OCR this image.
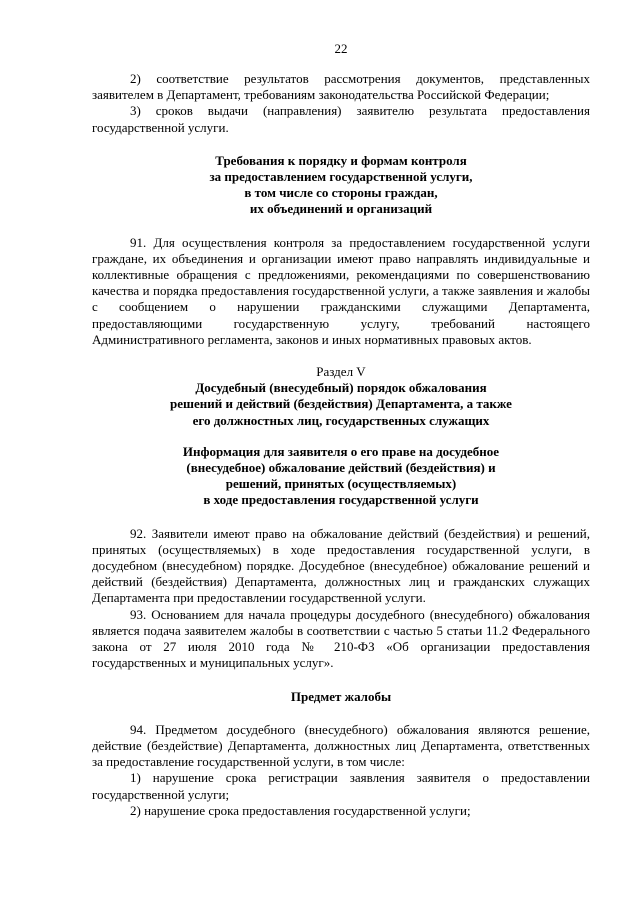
22

2) соответствие результатов рассмотрения документов, представленных заявителем в Департамент, требованиям законодательства Российской Федерации;

3) сроков выдачи (направления) заявителю результата предоставления государственной услуги.

Требования к порядку и формам контроля
за предоставлением государственной услуги,
в том числе со стороны граждан,
их объединений и организаций

91. Для осуществления контроля за предоставлением государственной услуги граждане, их объединения и организации имеют право направлять индивидуальные и коллективные обращения с предложениями, рекомендациями по совершенствованию качества и порядка предоставления государственной услуги, а также заявления и жалобы с сообщением о нарушении гражданскими служащими Департамента, предоставляющими государственную услугу, требований настоящего Административного регламента, законов и иных нормативных правовых актов.

Раздел V
Досудебный (внесудебный) порядок обжалования
решений и действий (бездействия) Департамента, а также
его должностных лиц, государственных служащих
Информация для заявителя о его праве на досудебное
(внесудебное) обжалование действий (бездействия) и
решений, принятых (осуществляемых)
в ходе предоставления государственной услуги

92. Заявители имеют право на обжалование действий (бездействия) и решений, принятых (осуществляемых) в ходе предоставления государственной услуги, в досудебном (внесудебном) порядке. Досудебное (внесудебное) обжалование решений и действий (бездействия) Департамента, должностных лиц и гражданских служащих Департамента при предоставлении государственной услуги.

93. Основанием для начала процедуры досудебного (внесудебного) обжалования является подача заявителем жалобы в соответствии с частью 5 статьи 11.2 Федерального закона от 27 июля 2010 года № 210-ФЗ «Об организации предоставления государственных и муниципальных услуг».

Предмет жалобы

94. Предметом досудебного (внесудебного) обжалования являются решение, действие (бездействие) Департамента, должностных лиц Департамента, ответственных за предоставление государственной услуги, в том числе:

1) нарушение срока регистрации заявления заявителя о предоставлении государственной услуги;

2) нарушение срока предоставления государственной услуги;
